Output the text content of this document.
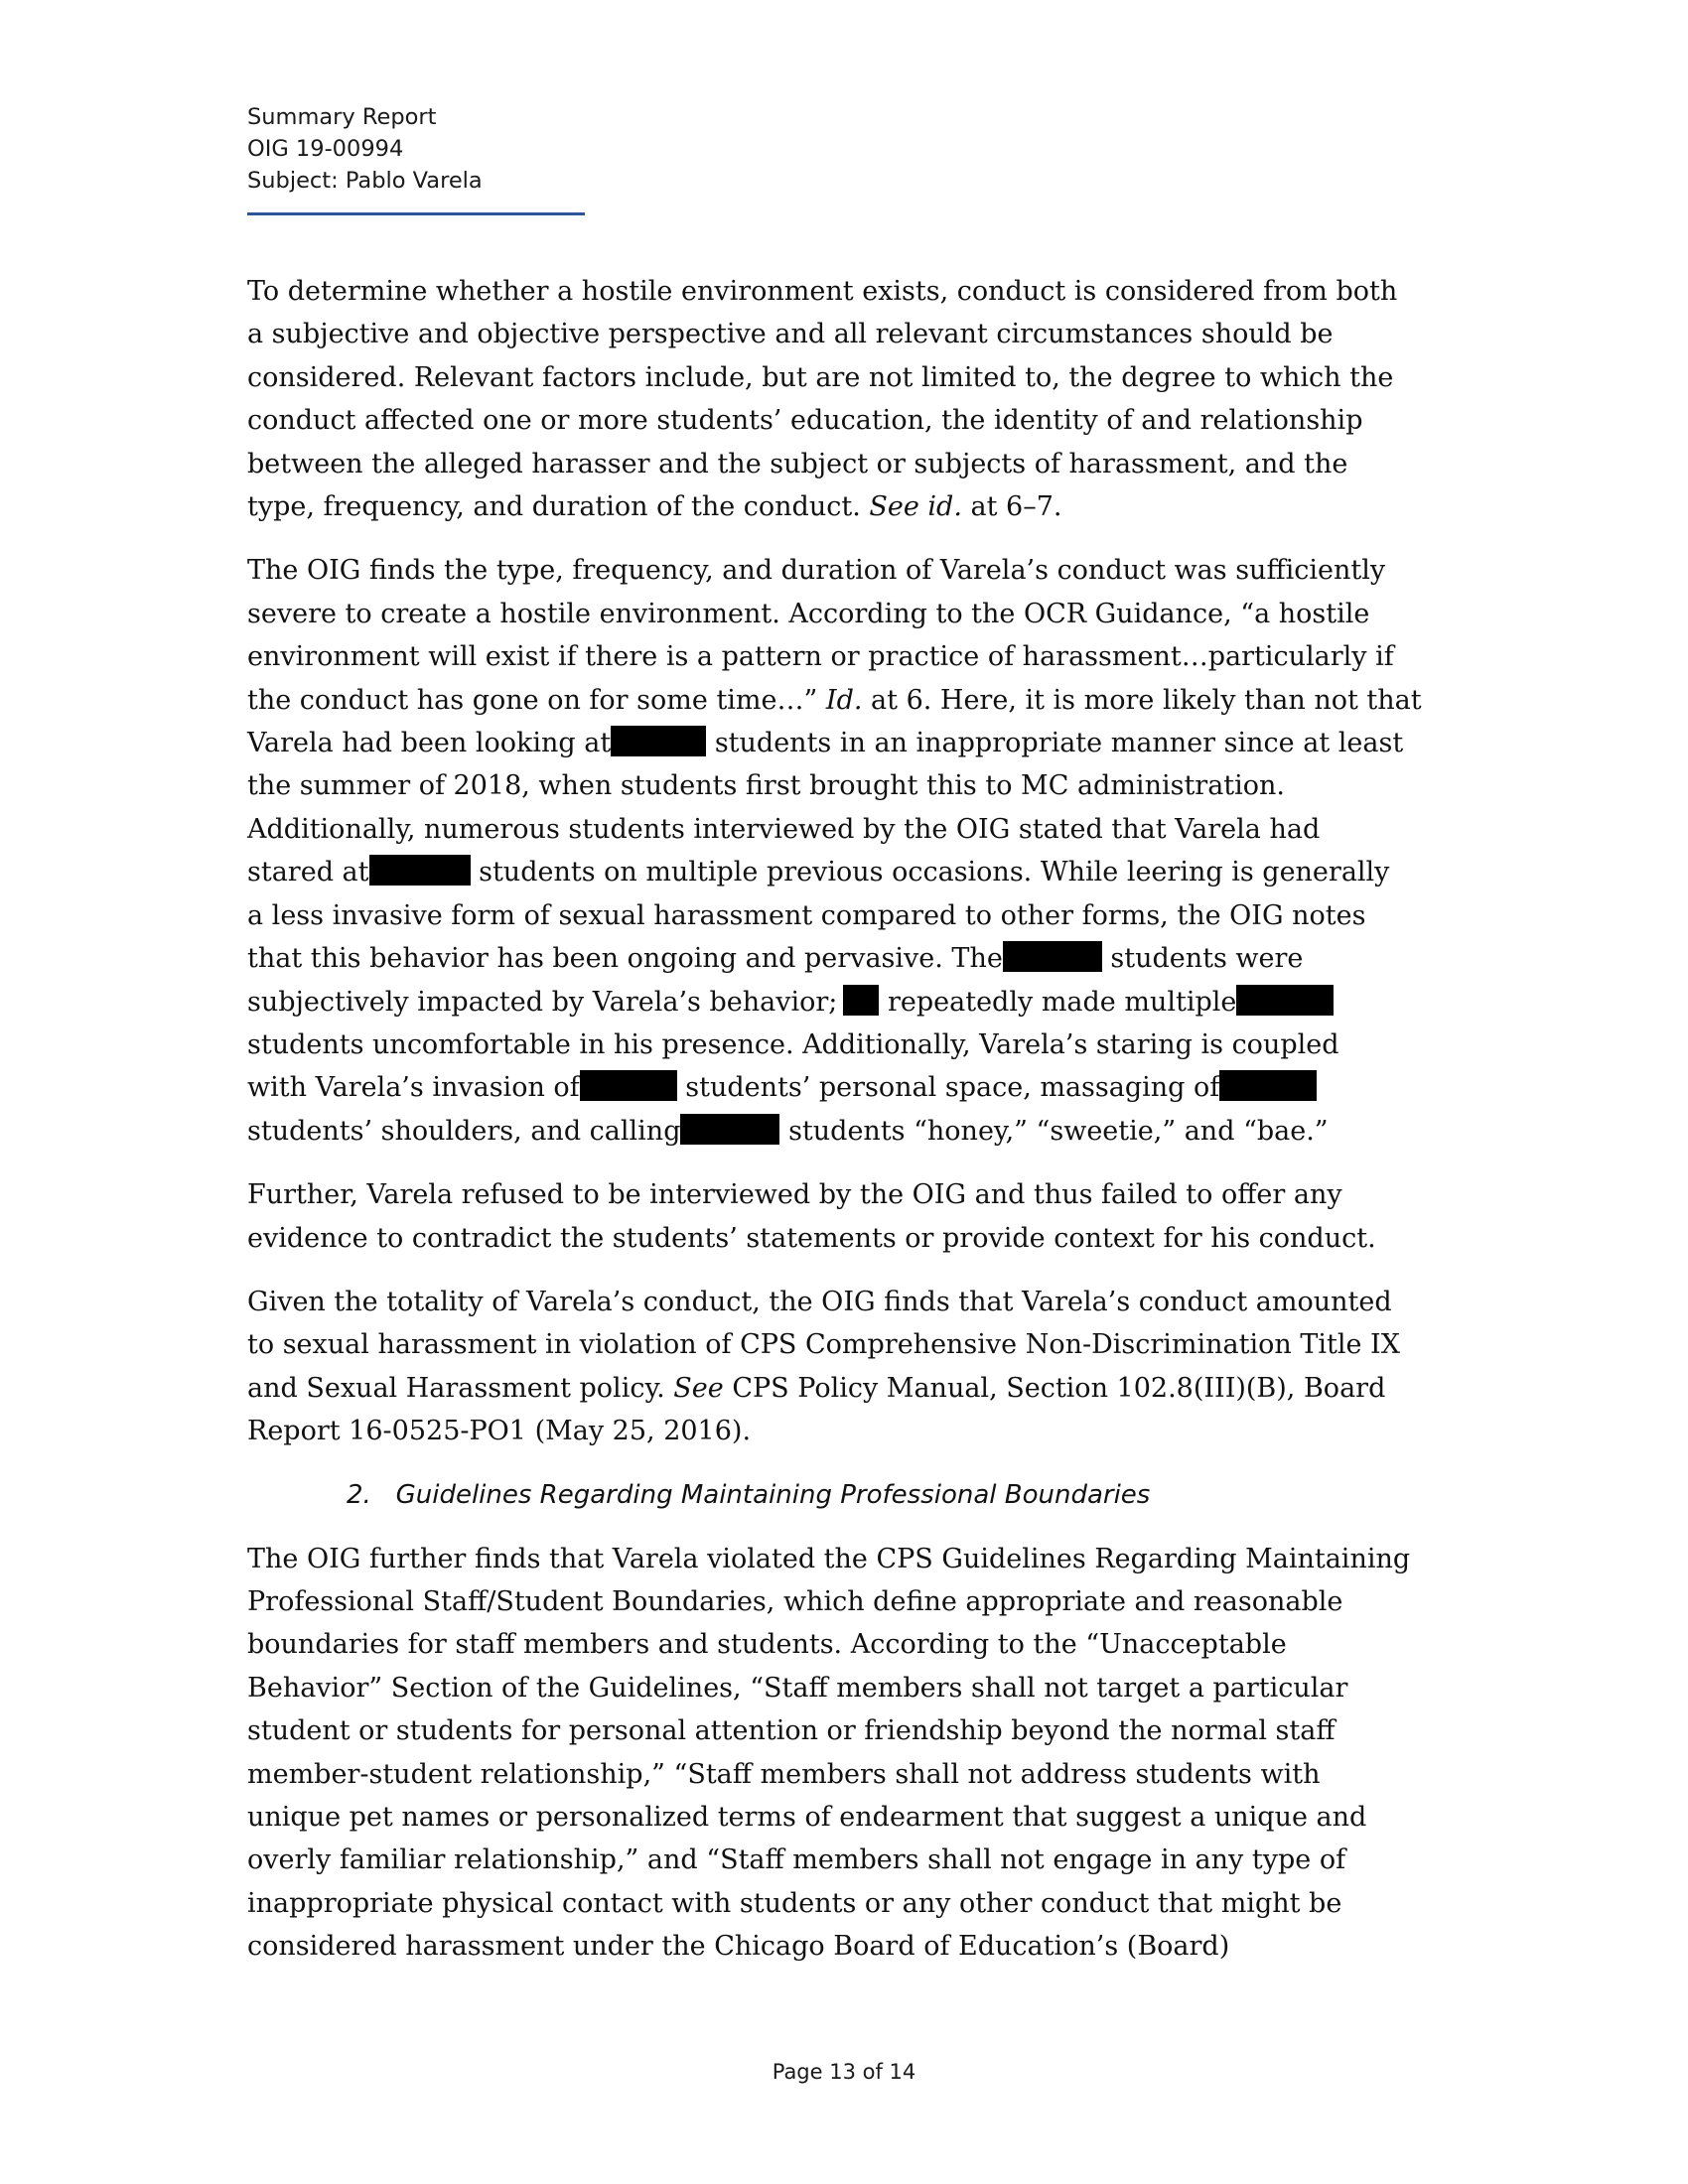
Summary Report
OIG 19-00994
Subject: Pablo Varela

To determine whether a hostile environment exists, conduct is considered from both
a subjective and objective perspective and all relevant circumstances should be
considered. Relevant factors include, but are not limited to, the degree to which the
conduct affected one or more students’ education, the identity of and relationship
between the alleged harasser and the subject or subjects of harassment, and the
type, frequency, and duration of the conduct. See id. at 6–7.

The OIG finds the type, frequency, and duration of Varela’s conduct was sufficiently
severe to create a hostile environment. According to the OCR Guidance, “a hostile
environment will exist if there is a pattern or practice of harassment…particularly if
the conduct has gone on for some time…” Id. at 6. Here, it is more likely than not that
Varela had been looking at	students in an inappropriate manner since at least
the summer of 2018, when students first brought this to MC administration.
Additionally, numerous students interviewed by the OIG stated that Varela had
stared at	students on multiple previous occasions. While leering is generally
a less invasive form of sexual harassment compared to other forms, the OIG notes
that this behavior has been ongoing and pervasive. The	students were
subjectively impacted by Varela’s behavior; repeatedly made multiple
students uncomfortable in his presence. Additionally, Varela’s staring is coupled
with Varela’s invasion of	students’ personal space, massaging of
students’ shoulders, and calling	students “honey,” “sweetie,” and “bae.”

Further, Varela refused to be interviewed by the OIG and thus failed to offer any
evidence to contradict the students’ statements or provide context for his conduct.

Given the totality of Varela’s conduct, the OIG finds that Varela’s conduct amounted
to sexual harassment in violation of CPS Comprehensive Non-Discrimination Title IX
and Sexual Harassment policy. See CPS Policy Manual, Section 102.8(III)(B), Board
Report 16-0525-PO1 (May 25, 2016).

2.   Guidelines Regarding Maintaining Professional Boundaries

The OIG further finds that Varela violated the CPS Guidelines Regarding Maintaining
Professional Staff/Student Boundaries, which define appropriate and reasonable
boundaries for staff members and students. According to the “Unacceptable
Behavior” Section of the Guidelines, “Staff members shall not target a particular
student or students for personal attention or friendship beyond the normal staff
member-student relationship,” “Staff members shall not address students with
unique pet names or personalized terms of endearment that suggest a unique and
overly familiar relationship,” and “Staff members shall not engage in any type of
inappropriate physical contact with students or any other conduct that might be
considered harassment under the Chicago Board of Education’s (Board)

Page 13 of 14
